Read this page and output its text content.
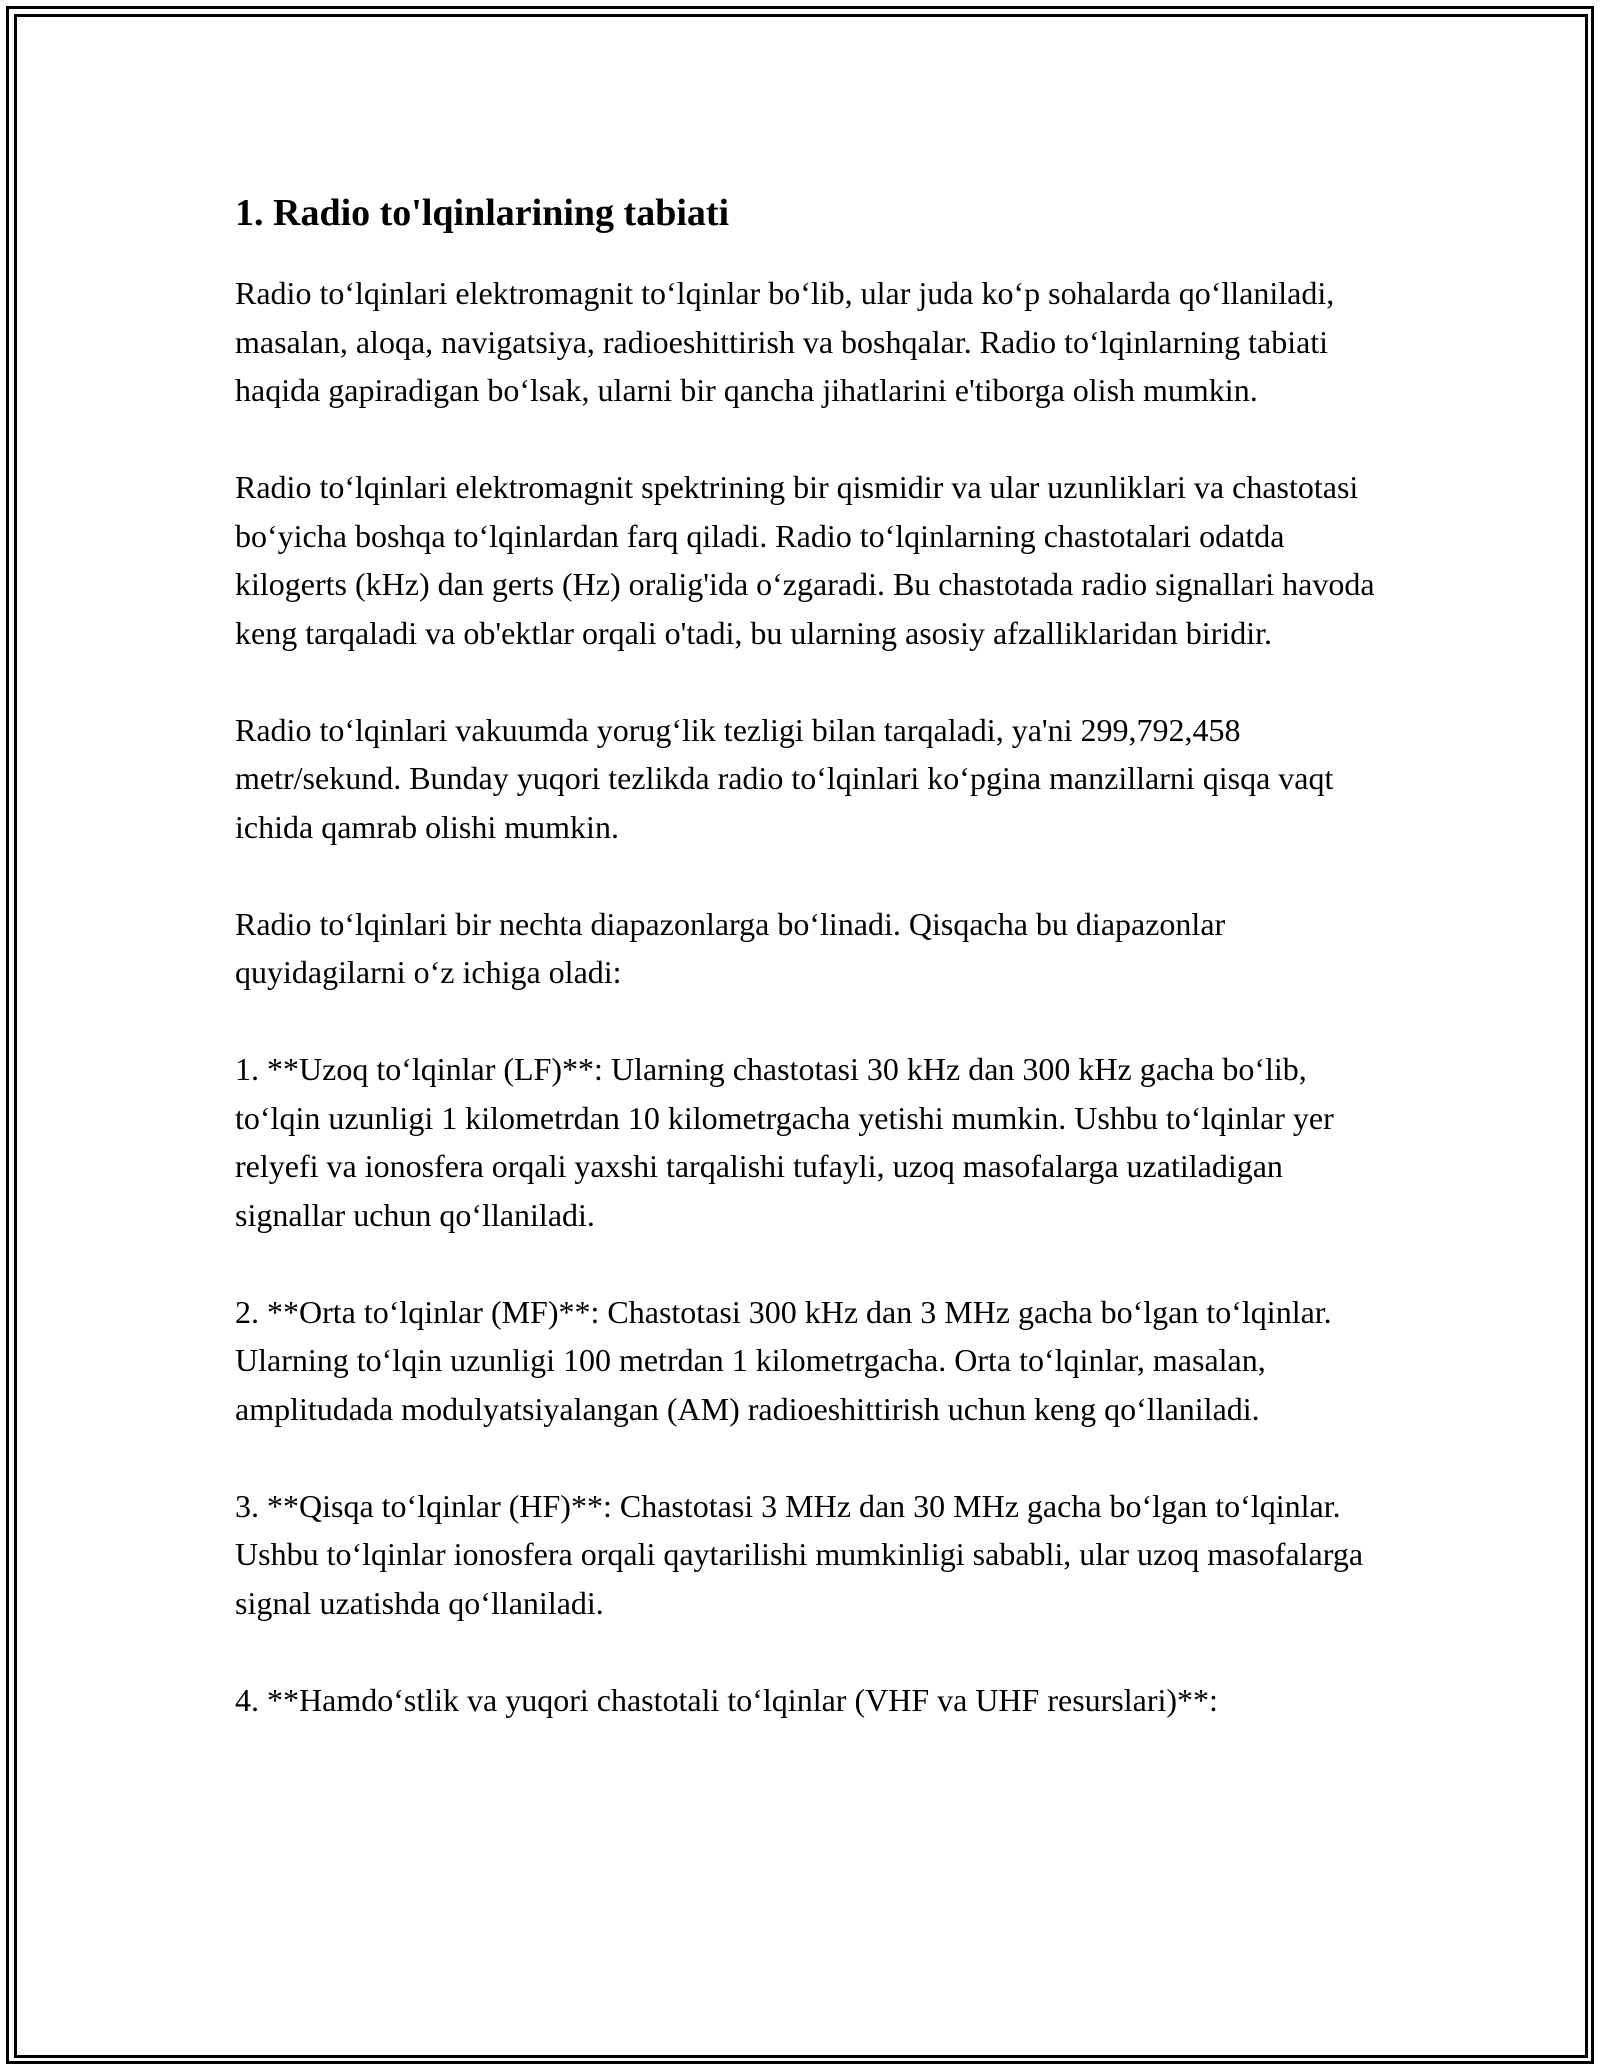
1. Radio to'lqinlarining tabiati

Radio toʻlqinlari elektromagnit toʻlqinlar boʻlib, ular juda koʻp sohalarda qoʻllaniladi, masalan, aloqa, navigatsiya, radioeshittirish va boshqalar. Radio toʻlqinlarning tabiati haqida gapiradigan boʻlsak, ularni bir qancha jihatlarini e'tiborga olish mumkin.

Radio toʻlqinlari elektromagnit spektrining bir qismidir va ular uzunliklari va chastotasi boʻyicha boshqa toʻlqinlardan farq qiladi. Radio toʻlqinlarning chastotalari odatda kilogerts (kHz) dan gerts (Hz) oralig'ida oʻzgaradi. Bu chastotada radio signallari havoda keng tarqaladi va ob'ektlar orqali o'tadi, bu ularning asosiy afzalliklaridan biridir.

Radio toʻlqinlari vakuumda yorugʻlik tezligi bilan tarqaladi, ya'ni 299,792,458 metr/sekund. Bunday yuqori tezlikda radio toʻlqinlari koʻpgina manzillarni qisqa vaqt ichida qamrab olishi mumkin.

Radio toʻlqinlari bir nechta diapazonlarga boʻlinadi. Qisqacha bu diapazonlar quyidagilarni oʻz ichiga oladi:

1. **Uzoq toʻlqinlar (LF)**: Ularning chastotasi 30 kHz dan 300 kHz gacha boʻlib, toʻlqin uzunligi 1 kilometrdan 10 kilometrgacha yetishi mumkin. Ushbu toʻlqinlar yer relyefi va ionosfera orqali yaxshi tarqalishi tufayli, uzoq masofalarga uzatiladigan signallar uchun qoʻllaniladi.

2. **Orta toʻlqinlar (MF)**: Chastotasi 300 kHz dan 3 MHz gacha boʻlgan toʻlqinlar. Ularning toʻlqin uzunligi 100 metrdan 1 kilometrgacha. Orta toʻlqinlar, masalan, amplitudada modulyatsiyalangan (AM) radioeshittirish uchun keng qoʻllaniladi.

3. **Qisqa toʻlqinlar (HF)**: Chastotasi 3 MHz dan 30 MHz gacha boʻlgan toʻlqinlar. Ushbu toʻlqinlar ionosfera orqali qaytarilishi mumkinligi sababli, ular uzoq masofalarga signal uzatishda qoʻllaniladi.

4. **Hamdoʻstlik va yuqori chastotali toʻlqinlar (VHF va UHF resurslari)**:
